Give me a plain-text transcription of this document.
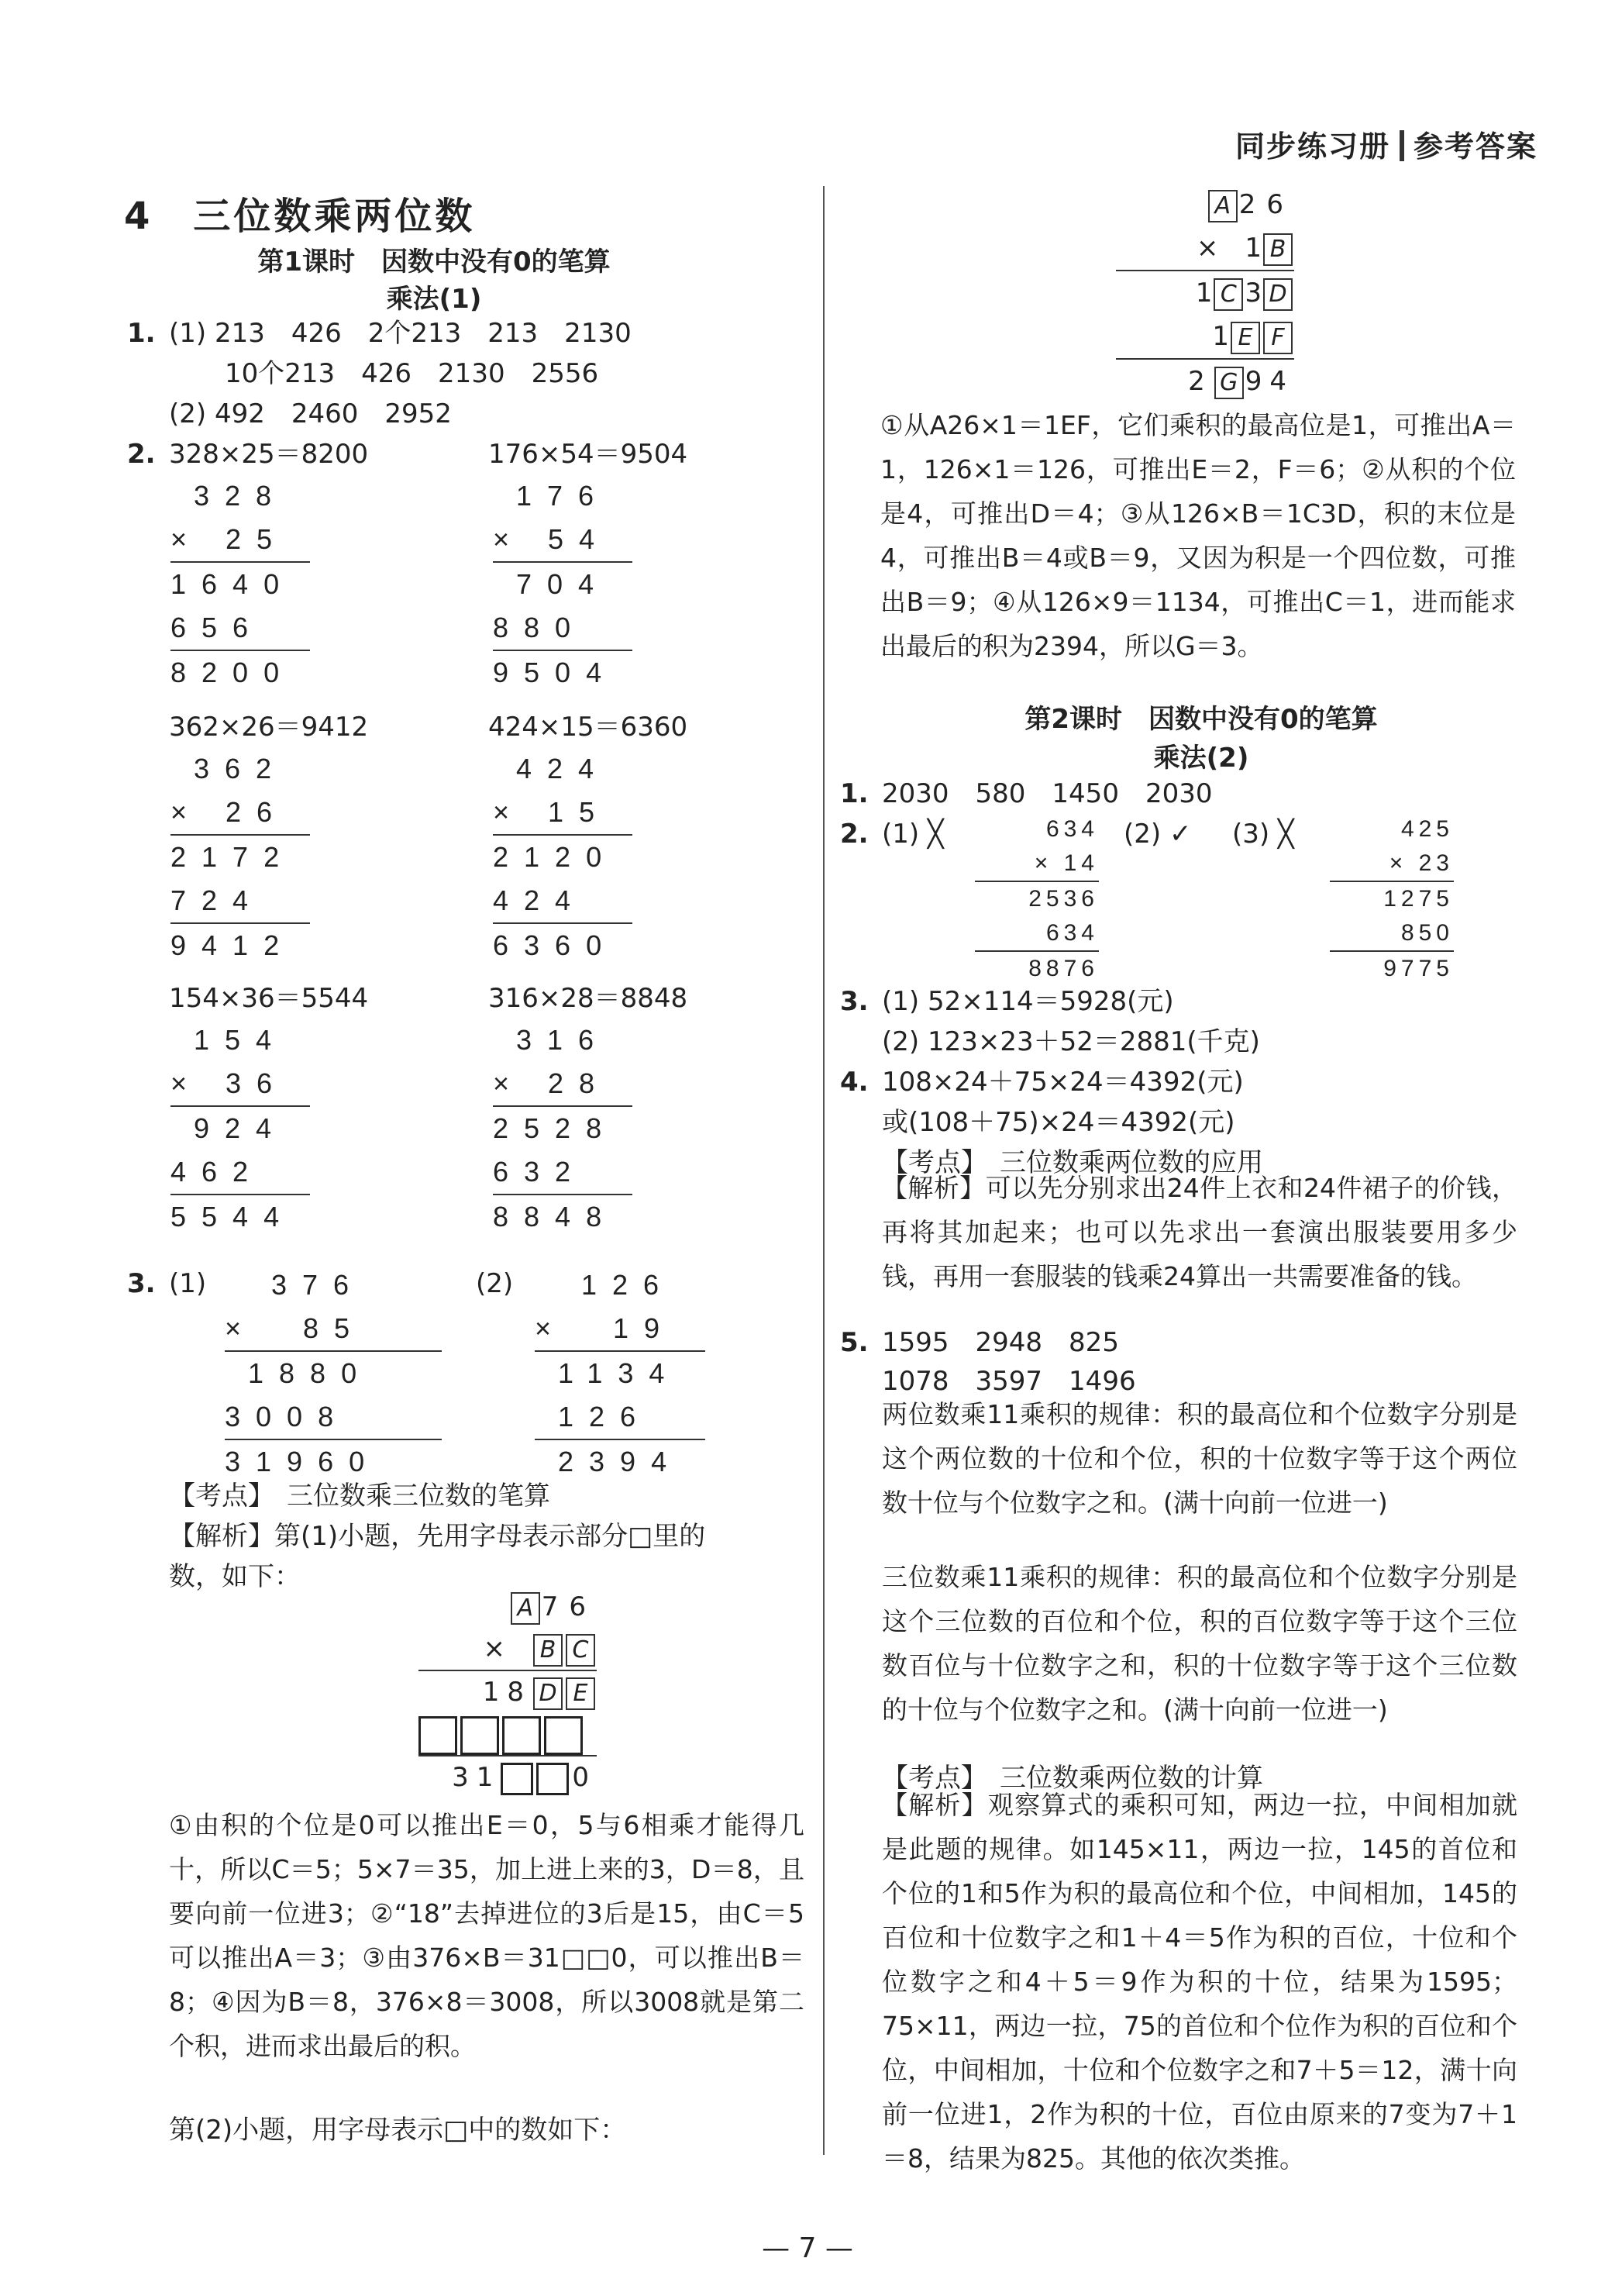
同步练习册 参考答案
4　 三位数乘两位数
第1课时　因数中没有0的笔算
乘法(1)
1. (1) 213　426　2个213　213　2130
10个213　426　2130　2556
(2) 492　2460　2952
2. 328×25＝8200	176×54＝9504
328
× 25
1640
656
8200
176
× 54
704
880
9504
362×26＝9412	424×15＝6360
362
× 26
2172
724
9412
424
× 15
2120
424
6360
154×36＝5544	316×28＝8848
154
× 36
924
462
5544
316
× 28
2528
632
8848
3. (1)	(2)
376
×  85
1880
3008
31960
126
×  19
1134
126
2394
【考点】 三位数乘三位数的笔算
【解析】第(1)小题，先用字母表示部分□里的
数，如下：
A 76
×　B C
18 D E
31	0
①由积的个位是0可以推出E＝0，5与6相乘才能得几十，所以C＝5；5×7＝35，加上进上来的3，D＝8，且要向前一位进3；②“18”去掉进位的3后是15，由C＝5可以推出A＝3；③由376×B＝31□□0，可以推出B＝8；④因为B＝8，376×8＝3008，所以3008就是第二个积，进而求出最后的积。
第(2)小题，用字母表示□中的数如下：
A 26
×　1 B
1 C 3 D
1 E F　
2 G 94
①从A26×1＝1EF，它们乘积的最高位是1，可推出A＝1，126×1＝126，可推出E＝2，F＝6；②从积的个位是4，可推出D＝4；③从126×B＝1C3D，积的末位是4，可推出B＝4或B＝9，又因为积是一个四位数，可推出B＝9；④从126×9＝1134，可推出C＝1，进而能求出最后的积为2394，所以G＝3。
第2课时　因数中没有0的笔算
乘法(2)
1. 2030　580　1450　2030
2. (1) ╳	(2) ✓ (3) ╳
634
× 14
2536
634
8876
425
× 23
1275
850
9775
3. (1) 52×114＝5928(元)
(2) 123×23＋52＝2881(千克)
4. 108×24＋75×24＝4392(元)
或(108＋75)×24＝4392(元)
【考点】 三位数乘两位数的应用
【解析】可以先分别求出24件上衣和24件裙子的价钱，再将其加起来；也可以先求出一套演出服装要用多少钱，再用一套服装的钱乘24算出一共需要准备的钱。
5. 1595　2948　825
1078　3597　1496
两位数乘11乘积的规律：积的最高位和个位数字分别是这个两位数的十位和个位，积的十位数字等于这个两位数十位与个位数字之和。(满十向前一位进一)
三位数乘11乘积的规律：积的最高位和个位数字分别是这个三位数的百位和个位，积的百位数字等于这个三位数百位与十位数字之和，积的十位数字等于这个三位数的十位与个位数字之和。(满十向前一位进一)
【考点】 三位数乘两位数的计算
【解析】观察算式的乘积可知，两边一拉，中间相加就是此题的规律。如145×11，两边一拉，145的首位和个位的1和5作为积的最高位和个位，中间相加，145的百位和十位数字之和1＋4＝5作为积的百位，十位和个位数字之和4＋5＝9作为积的十位，结果为1595；75×11，两边一拉，75的首位和个位作为积的百位和个位，中间相加，十位和个位数字之和7＋5＝12，满十向前一位进1，2作为积的十位，百位由原来的7变为7＋1＝8，结果为825。其他的依次类推。
— 7 —
